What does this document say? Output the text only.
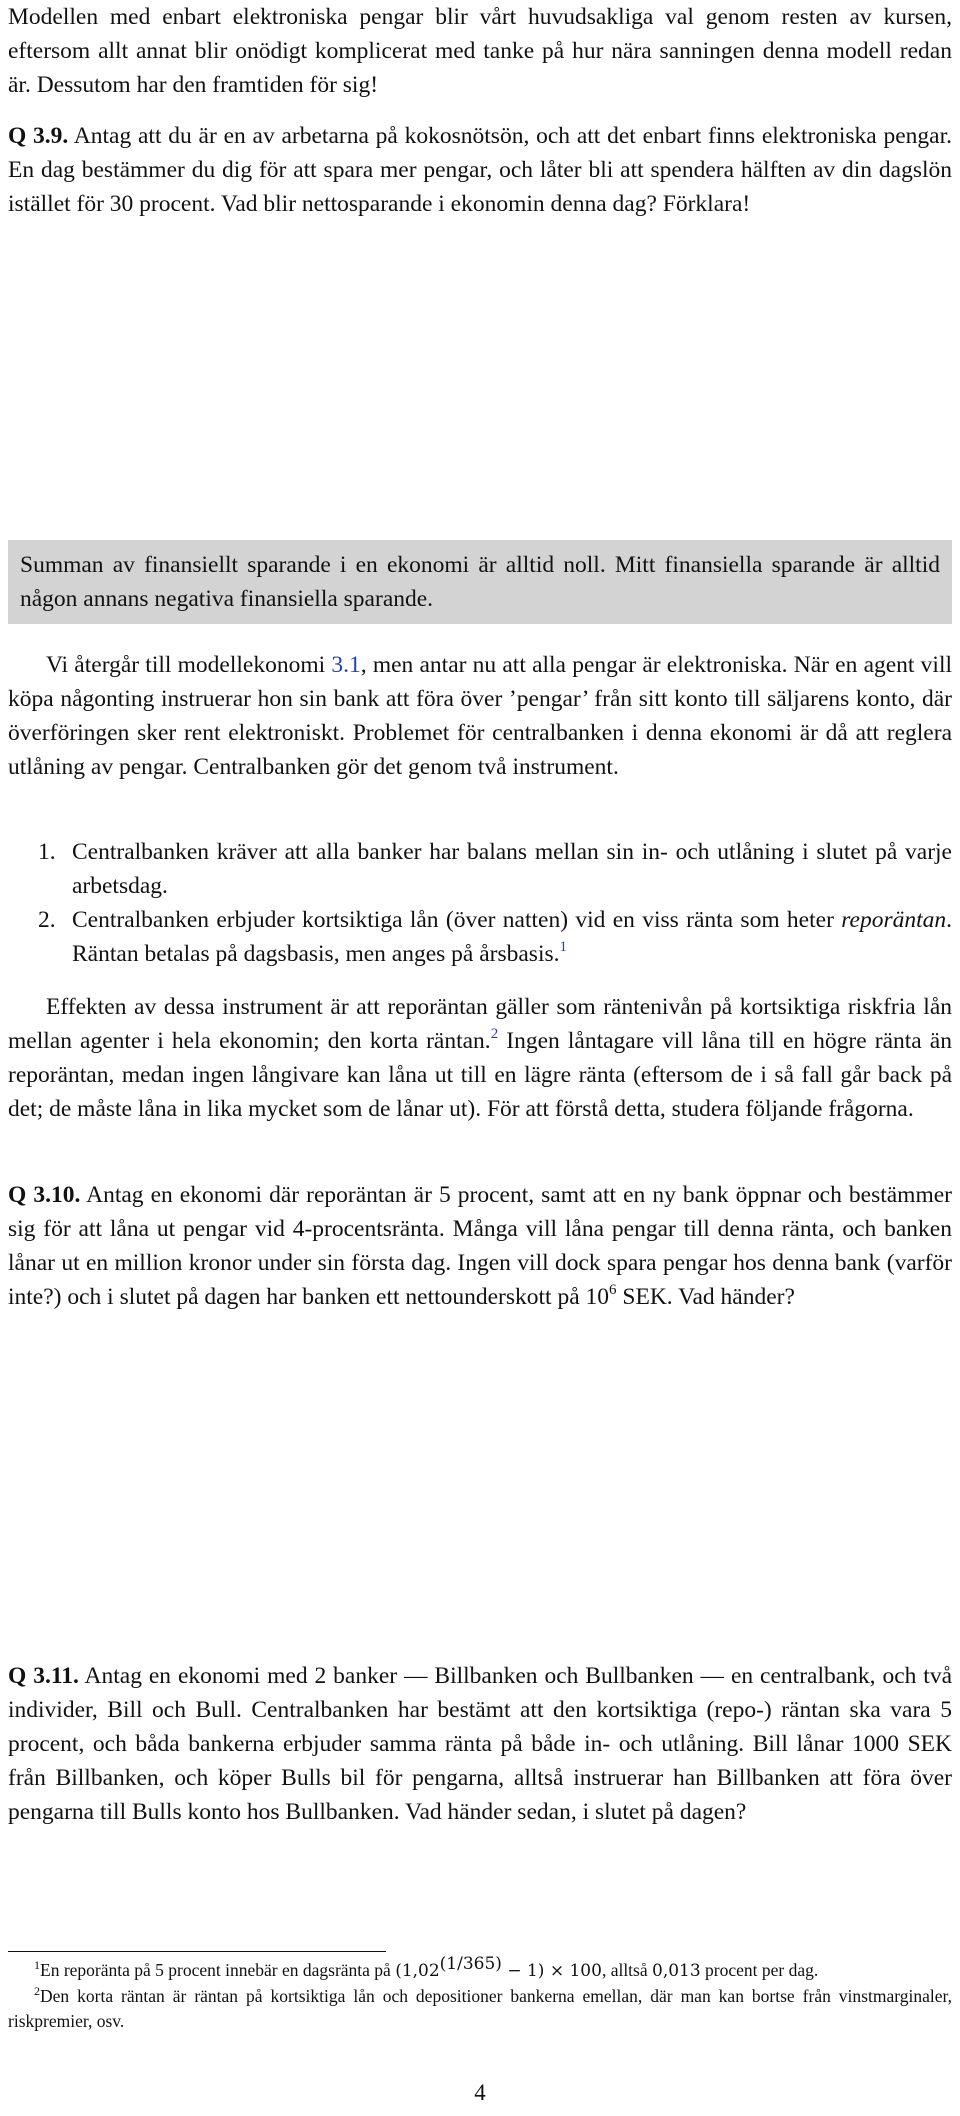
Modellen med enbart elektroniska pengar blir vårt huvudsakliga val genom resten av kursen, eftersom allt annat blir onödigt komplicerat med tanke på hur nära sanningen denna modell redan är. Dessutom har den framtiden för sig!

Q 3.9. Antag att du är en av arbetarna på kokosnötsön, och att det enbart finns elektroniska pengar. En dag bestämmer du dig för att spara mer pengar, och låter bli att spendera hälften av din dagslön istället för 30 procent. Vad blir nettosparande i ekonomin denna dag? Förklara!

Summan av finansiellt sparande i en ekonomi är alltid noll. Mitt finansiella sparande är alltid någon annans negativa finansiella sparande.

Vi återgår till modellekonomi 3.1, men antar nu att alla pengar är elektroniska. När en agent vill köpa någonting instruerar hon sin bank att föra över ’pengar’ från sitt konto till säljarens konto, där överföringen sker rent elektroniskt. Problemet för centralbanken i denna ekonomi är då att reglera utlåning av pengar. Centralbanken gör det genom två instrument.

1. Centralbanken kräver att alla banker har balans mellan sin in- och utlåning i slutet på varje arbetsdag.
2. Centralbanken erbjuder kortsiktiga lån (över natten) vid en viss ränta som heter reporäntan. Räntan betalas på dagsbasis, men anges på årsbasis.$^1$

Effekten av dessa instrument är att reporäntan gäller som räntenivån på kortsiktiga riskfria lån mellan agenter i hela ekonomin; den korta räntan.$^2$ Ingen låntagare vill låna till en högre ränta än reporäntan, medan ingen långivare kan låna ut till en lägre ränta (eftersom de i så fall går back på det; de måste låna in lika mycket som de lånar ut). För att förstå detta, studera följande frågorna.

Q 3.10. Antag en ekonomi där reporäntan är 5 procent, samt att en ny bank öppnar och bestämmer sig för att låna ut pengar vid 4-procentsränta. Många vill låna pengar till denna ränta, och banken lånar ut en million kronor under sin första dag. Ingen vill dock spara pengar hos denna bank (varför inte?) och i slutet på dagen har banken ett nettounderskott på $10^6$ SEK. Vad händer?

Q 3.11. Antag en ekonomi med 2 banker — Billbanken och Bullbanken — en centralbank, och två individer, Bill och Bull. Centralbanken har bestämt att den kortsiktiga (repo-) räntan ska vara 5 procent, och båda bankerna erbjuder samma ränta på både in- och utlåning. Bill lånar 1000 SEK från Billbanken, och köper Bulls bil för pengarna, alltså instruerar han Billbanken att föra över pengarna till Bulls konto hos Bullbanken. Vad händer sedan, i slutet på dagen?

$^1$En reporänta på 5 procent innebär en dagsränta på $(1,02^{(1/365)} - 1) \times 100$, alltså 0,013 procent per dag.

$^2$Den korta räntan är räntan på kortsiktiga lån och depositioner bankerna emellan, där man kan bortse från vinstmarginaler, riskpremier, osv.

4
